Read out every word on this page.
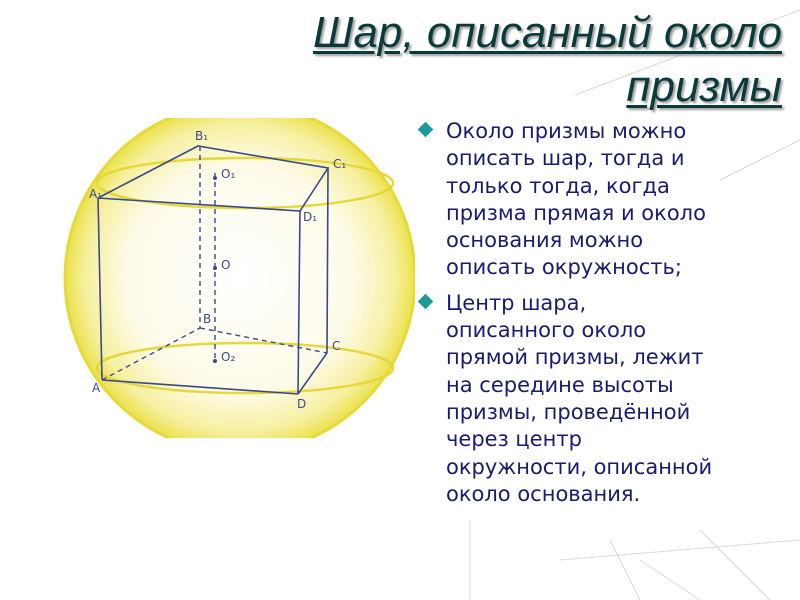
Шар, описанный около
призмы
B₁
C₁
A₁
D₁
O₁
O
B
C
O₂
A
D
Около призмы можно
описать шар, тогда и
только тогда, когда
призма прямая и около
основания можно
описать окружность;
Центр шара,
описанного около
прямой призмы, лежит
на середине высоты
призмы, проведённой
через центр
окружности, описанной
около основания.
